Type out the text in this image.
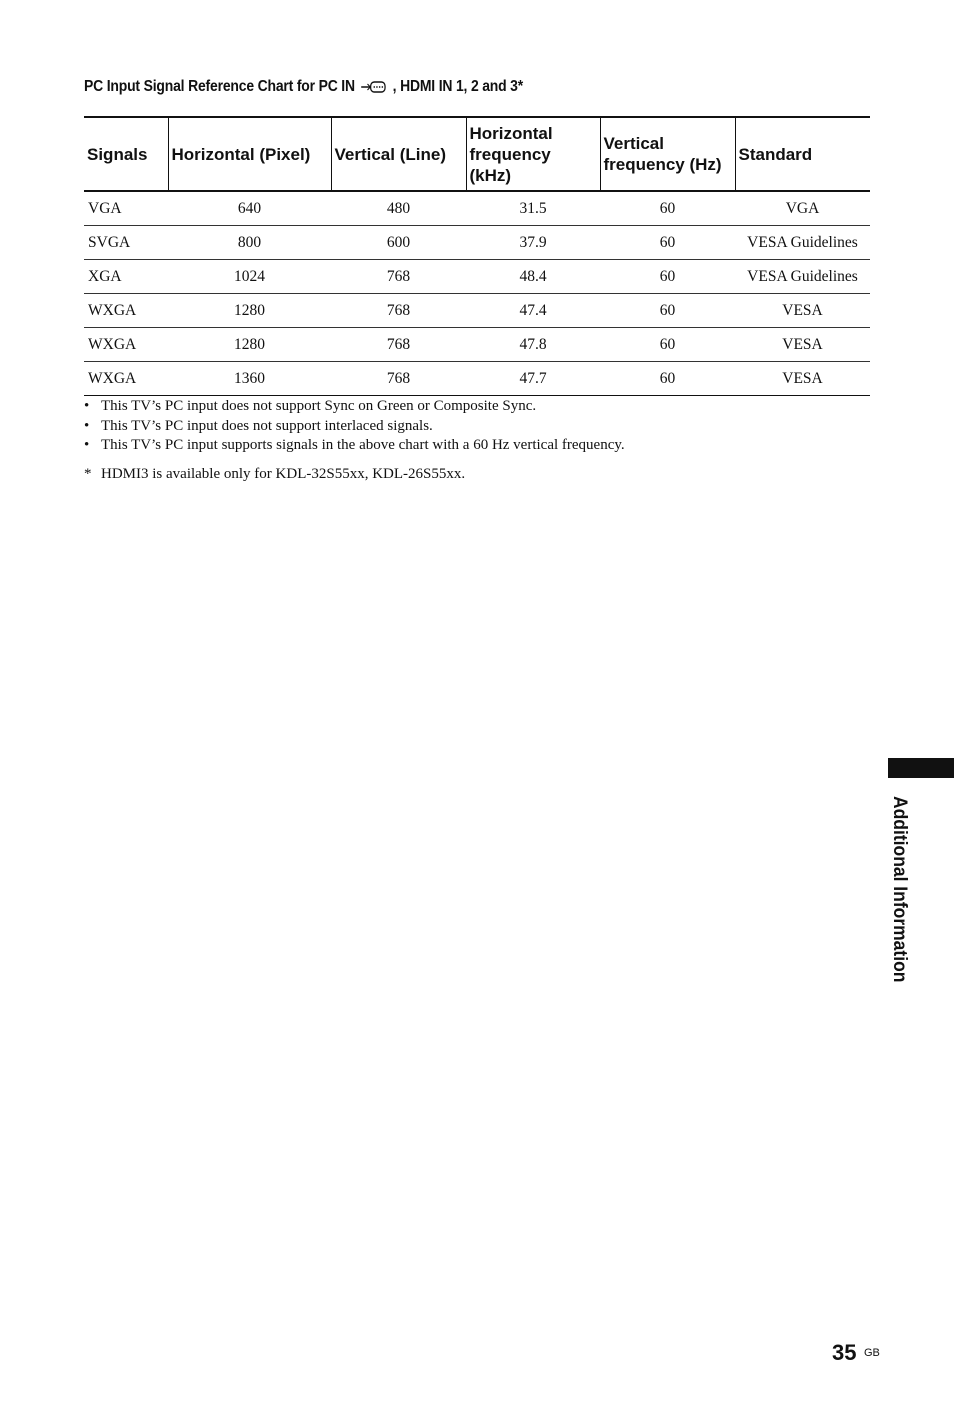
PC Input Signal Reference Chart for PC IN , HDMI IN 1, 2 and 3*
Signals	Horizontal (Pixel)	Vertical (Line)	Horizontal frequency (kHz)	Vertical frequency (Hz)	Standard
VGA	640	480	31.5	60	VGA
SVGA	800	600	37.9	60	VESA Guidelines
XGA	1024	768	48.4	60	VESA Guidelines
WXGA	1280	768	47.4	60	VESA
WXGA	1280	768	47.8	60	VESA
WXGA	1360	768	47.7	60	VESA
• This TV’s PC input does not support Sync on Green or Composite Sync.
• This TV’s PC input does not support interlaced signals.
• This TV’s PC input supports signals in the above chart with a 60 Hz vertical frequency.
* HDMI3 is available only for KDL-32S55xx, KDL-26S55xx.
Additional Information
35 GB
